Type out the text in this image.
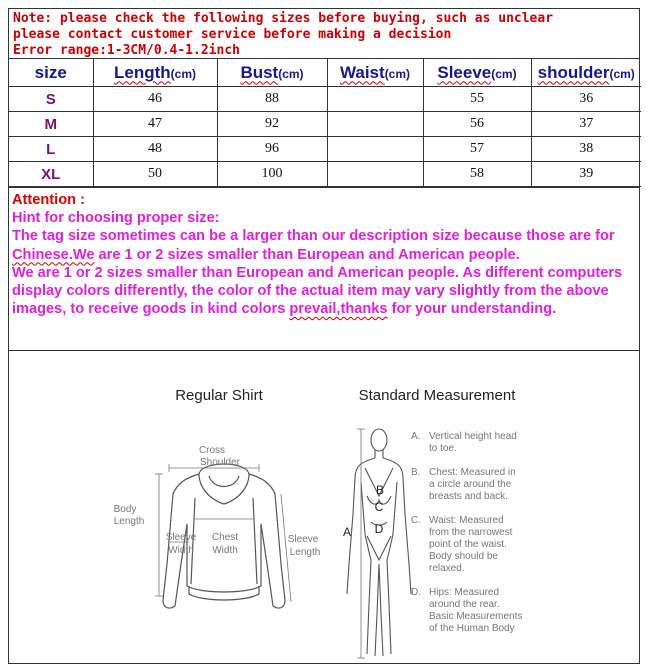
Note: please check the following sizes before buying, such as unclear
please contact customer service before making a decision
Error range:1-3CM/0.4-1.2inch
size	Length(cm)	Bust(cm)	Waist(cm)	Sleeve(cm)	shoulder(cm)
S	46	88		55	36
M	47	92		56	37
L	48	96		57	38
XL	50	100		58	39
Attention :
Hint for choosing proper size:
The tag size sometimes can be a larger than our description size because those are for Chinese.We are 1 or 2 sizes smaller than European and American people.
We are 1 or 2 sizes smaller than European and American people. As different computers display colors differently, the color of the actual item may vary slightly from the above images, to receive goods in kind colors prevail,thanks for your understanding.
Regular Shirt	Standard Measurement
Cross
Shoulder
Body
Length
Sleeve
Width
Chest
Width
Sleeve
Length
A
B
C
D
A. Vertical height head
to toe.
B. Chest: Measured in
a circle around the
breasts and back.
C. Waist: Measured
from the narrowest
point of the waist.
Body should be
relaxed.
D. Hips: Measured
around the rear.
Basic Measurements
of the Human Body
